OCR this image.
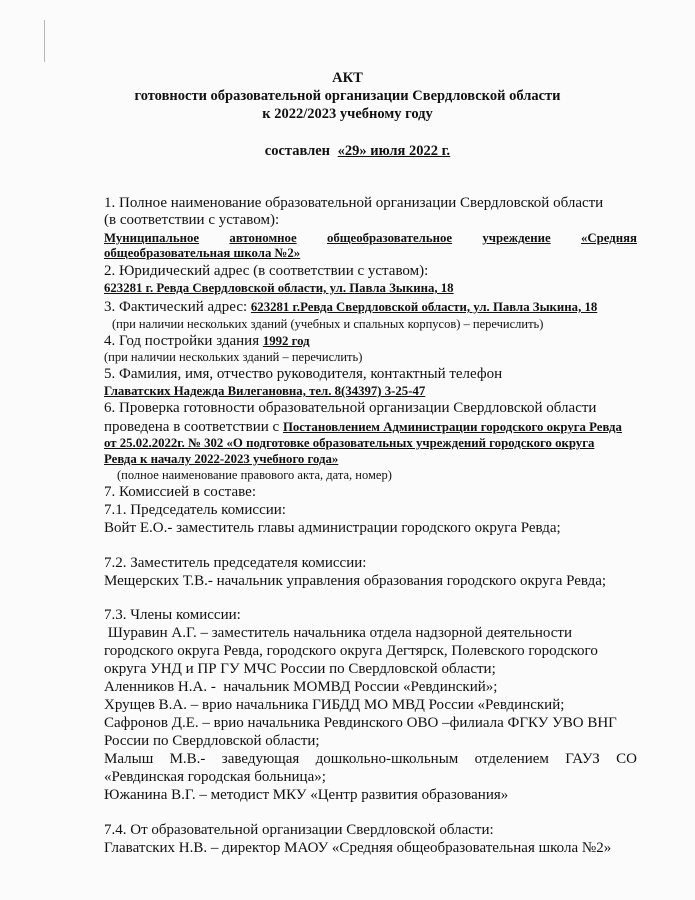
АКТ
готовности образовательной организации Свердловской области
к 2022/2023 учебному году
составлен «29» июля 2022 г.
1. Полное наименование образовательной организации Свердловской области
(в соответствии с уставом):
Муниципальное автономное общеобразовательное учреждение «Средняя
общеобразовательная школа №2»
2. Юридический адрес (в соответствии с уставом):
623281 г. Ревда Свердловской области, ул. Павла Зыкина, 18
3. Фактический адрес: 623281 г.Ревда Свердловской области, ул. Павла Зыкина, 18
(при наличии нескольких зданий (учебных и спальных корпусов) – перечислить)
4. Год постройки здания 1992 год
(при наличии нескольких зданий – перечислить)
5. Фамилия, имя, отчество руководителя, контактный телефон
Главатских Надежда Вилегановна, тел. 8(34397) 3-25-47
6. Проверка готовности образовательной организации Свердловской области
проведена в соответствии с Постановлением Администрации городского округа Ревда
от 25.02.2022г. № 302 «О подготовке образовательных учреждений городского округа
Ревда к началу 2022-2023 учебного года»
(полное наименование правового акта, дата, номер)
7. Комиссией в составе:
7.1. Председатель комиссии:
Войт Е.О.- заместитель главы администрации городского округа Ревда;
7.2. Заместитель председателя комиссии:
Мещерских Т.В.- начальник управления образования городского округа Ревда;
7.3. Члены комиссии:
Шуравин А.Г. – заместитель начальника отдела надзорной деятельности
городского округа Ревда, городского округа Дегтярск, Полевского городского
округа УНД и ПР ГУ МЧС России по Свердловской области;
Аленников Н.А. -  начальник МОМВД России «Ревдинский»;
Хрущев В.А. – врио начальника ГИБДД МО МВД России «Ревдинский;
Сафронов Д.Е. – врио начальника Ревдинского ОВО –филиала ФГКУ УВО ВНГ
России по Свердловской области;
Малыш М.В.- заведующая дошкольно-школьным отделением ГАУЗ СО
«Ревдинская городская больница»;
Южанина В.Г. – методист МКУ «Центр развития образования»
7.4. От образовательной организации Свердловской области:
Главатских Н.В. – директор МАОУ «Средняя общеобразовательная школа №2»
